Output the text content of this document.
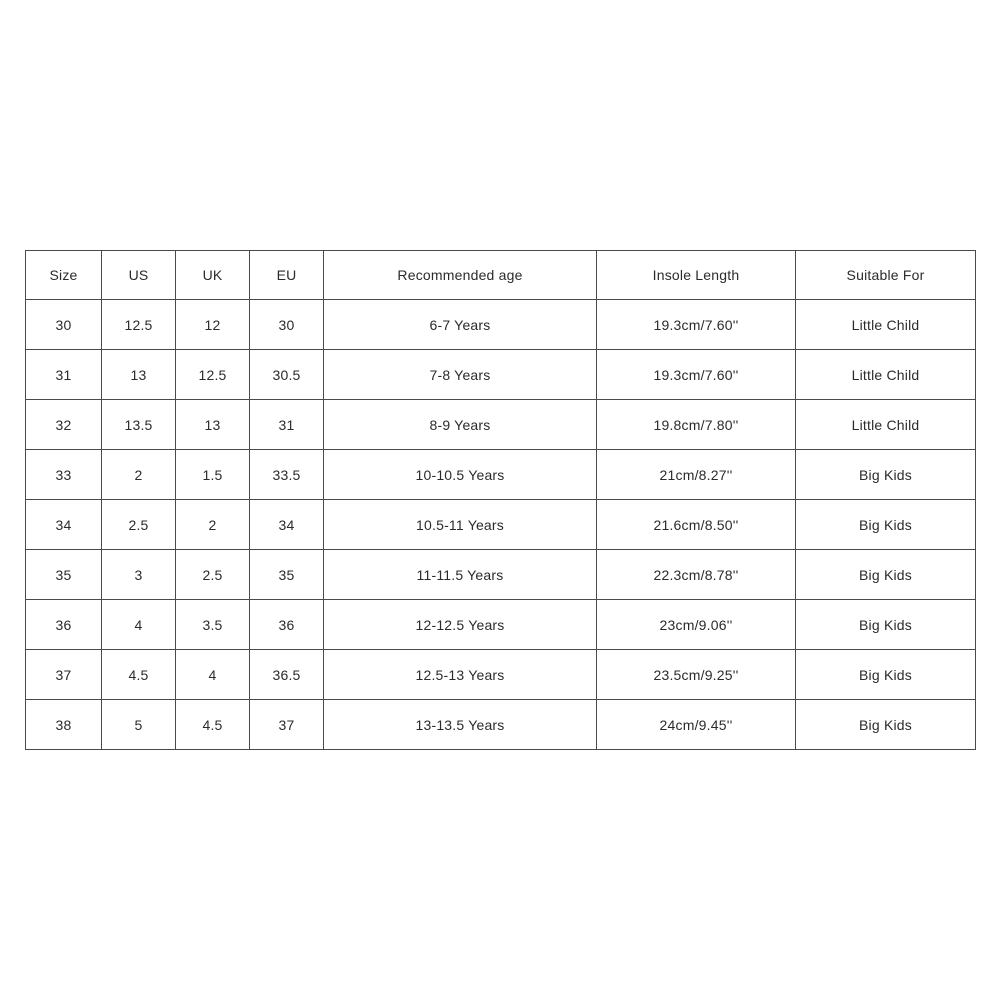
Size	US	UK	EU	Recommended age	Insole Length	Suitable For
30	12.5	12	30	6-7 Years	19.3cm/7.60''	Little Child
31	13	12.5	30.5	7-8 Years	19.3cm/7.60''	Little Child
32	13.5	13	31	8-9 Years	19.8cm/7.80''	Little Child
33	2	1.5	33.5	10-10.5 Years	21cm/8.27''	Big Kids
34	2.5	2	34	10.5-11 Years	21.6cm/8.50''	Big Kids
35	3	2.5	35	11-11.5 Years	22.3cm/8.78''	Big Kids
36	4	3.5	36	12-12.5 Years	23cm/9.06''	Big Kids
37	4.5	4	36.5	12.5-13 Years	23.5cm/9.25''	Big Kids
38	5	4.5	37	13-13.5 Years	24cm/9.45''	Big Kids
